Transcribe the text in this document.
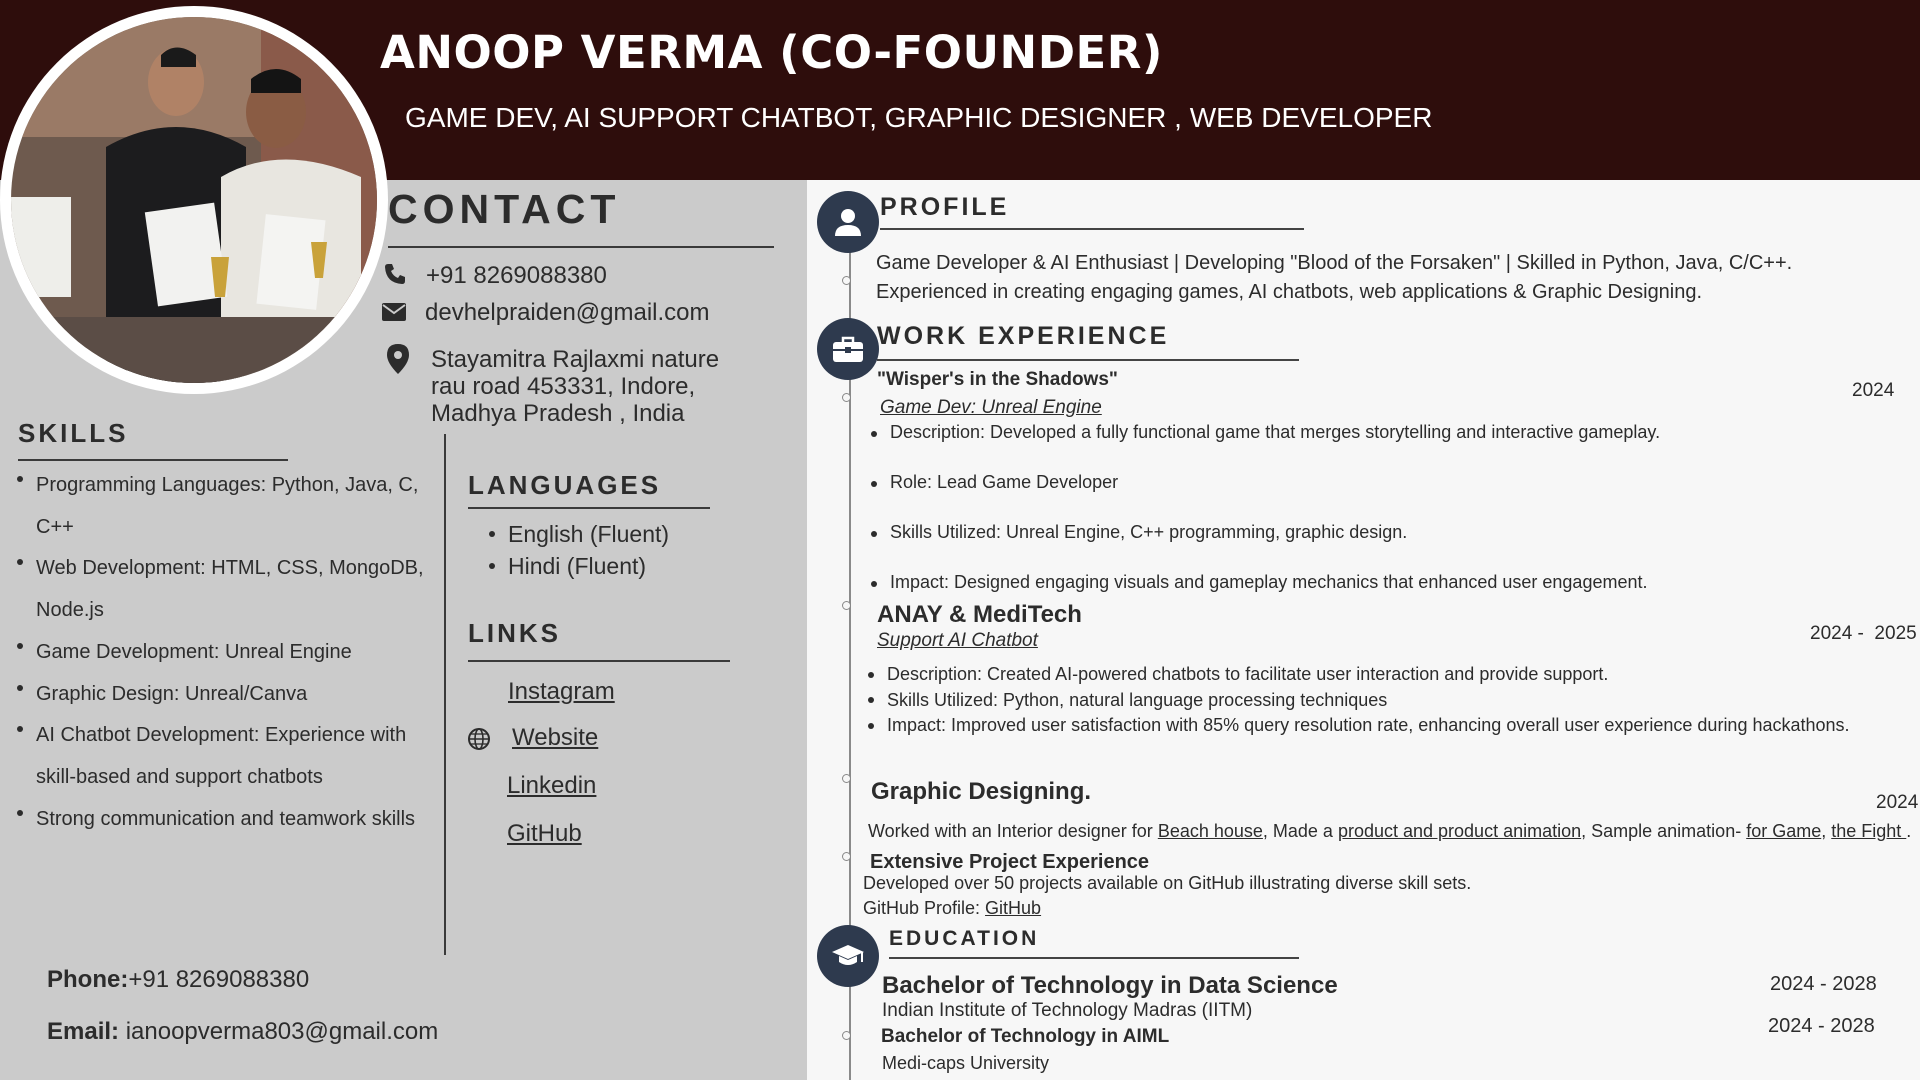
ANOOP VERMA (CO-FOUNDER)
GAME DEV, AI SUPPORT CHATBOT, GRAPHIC DESIGNER , WEB DEVELOPER
CONTACT
+91 8269088380
devhelpraiden@gmail.com
Stayamitra Rajlaxmi nature
rau road 453331, Indore,
Madhya Pradesh , India
SKILLS
Programming Languages: Python, Java, C, C++
Web Development: HTML, CSS, MongoDB, Node.js
Game Development: Unreal Engine
Graphic Design: Unreal/Canva
AI Chatbot Development: Experience with skill-based and support chatbots
Strong communication and teamwork skills
LANGUAGES
English (Fluent)
Hindi (Fluent)
LINKS
Instagram
Website
Linkedin
GitHub
Phone:+91 8269088380
Email: ianoopverma803@gmail.com
PROFILE
Game Developer & AI Enthusiast | Developing "Blood of the Forsaken" | Skilled in Python, Java, C/C++.
Experienced in creating engaging games, AI chatbots, web applications & Graphic Designing.
WORK EXPERIENCE
"Wisper's in the Shadows"
Game Dev: Unreal Engine
2024
Description: Developed a fully functional game that merges storytelling and interactive gameplay.
Role: Lead Game Developer
Skills Utilized: Unreal Engine, C++ programming, graphic design.
Impact: Designed engaging visuals and gameplay mechanics that enhanced user engagement.
ANAY & MediTech
Support AI Chatbot	2024 -  2025
Description: Created AI-powered chatbots to facilitate user interaction and provide support.
Skills Utilized: Python, natural language processing techniques
Impact: Improved user satisfaction with 85% query resolution rate, enhancing overall user experience during hackathons.
Graphic Designing.	2024
Worked with an Interior designer for Beach house, Made a product and product animation, Sample animation- for Game, the Fight .
Extensive Project Experience
Developed over 50 projects available on GitHub illustrating diverse skill sets.
GitHub Profile: GitHub
EDUCATION
Bachelor of Technology in Data Science
Indian Institute of Technology Madras (IITM)
2024 - 2028
Bachelor of Technology in AIML
Medi-caps University
2024 - 2028
